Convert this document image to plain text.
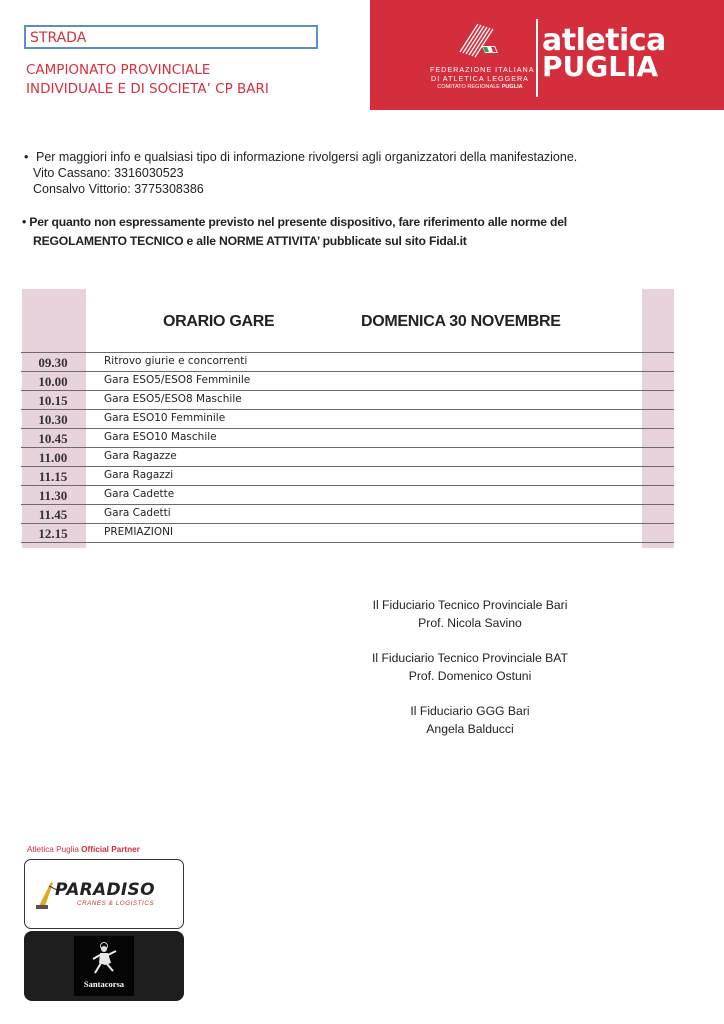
STRADA
CAMPIONATO PROVINCIALE
INDIVIDUALE E DI SOCIETA’ CP BARI
FEDERAZIONE ITALIANA
DI ATLETICA LEGGERA
COMITATO REGIONALE PUGLIA
atletica
PUGLIA
• Per maggiori info e qualsiasi tipo di informazione rivolgersi agli organizzatori della manifestazione.
Vito Cassano: 3316030523
Consalvo Vittorio: 3775308386
• Per quanto non espressamente previsto nel presente dispositivo, fare riferimento alle norme del
REGOLAMENTO TECNICO e alle NORME ATTIVITA’ pubblicate sul sito Fidal.it
ORARIO GARE	DOMENICA 30 NOVEMBRE
09.30	Ritrovo giurie e concorrenti
10.00	Gara ESO5/ESO8 Femminile
10.15	Gara ESO5/ESO8 Maschile
10.30	Gara ESO10 Femminile
10.45	Gara ESO10 Maschile
11.00	Gara Ragazze
11.15	Gara Ragazzi
11.30	Gara Cadette
11.45	Gara Cadetti
12.15	PREMIAZIONI
Il Fiduciario Tecnico Provinciale Bari
Prof. Nicola Savino
Il Fiduciario Tecnico Provinciale BAT
Prof. Domenico Ostuni
Il Fiduciario GGG Bari
Angela Balducci
Atletica Puglia Official Partner
PARADISO
CRANES & LOGISTICS
Santacorsa
